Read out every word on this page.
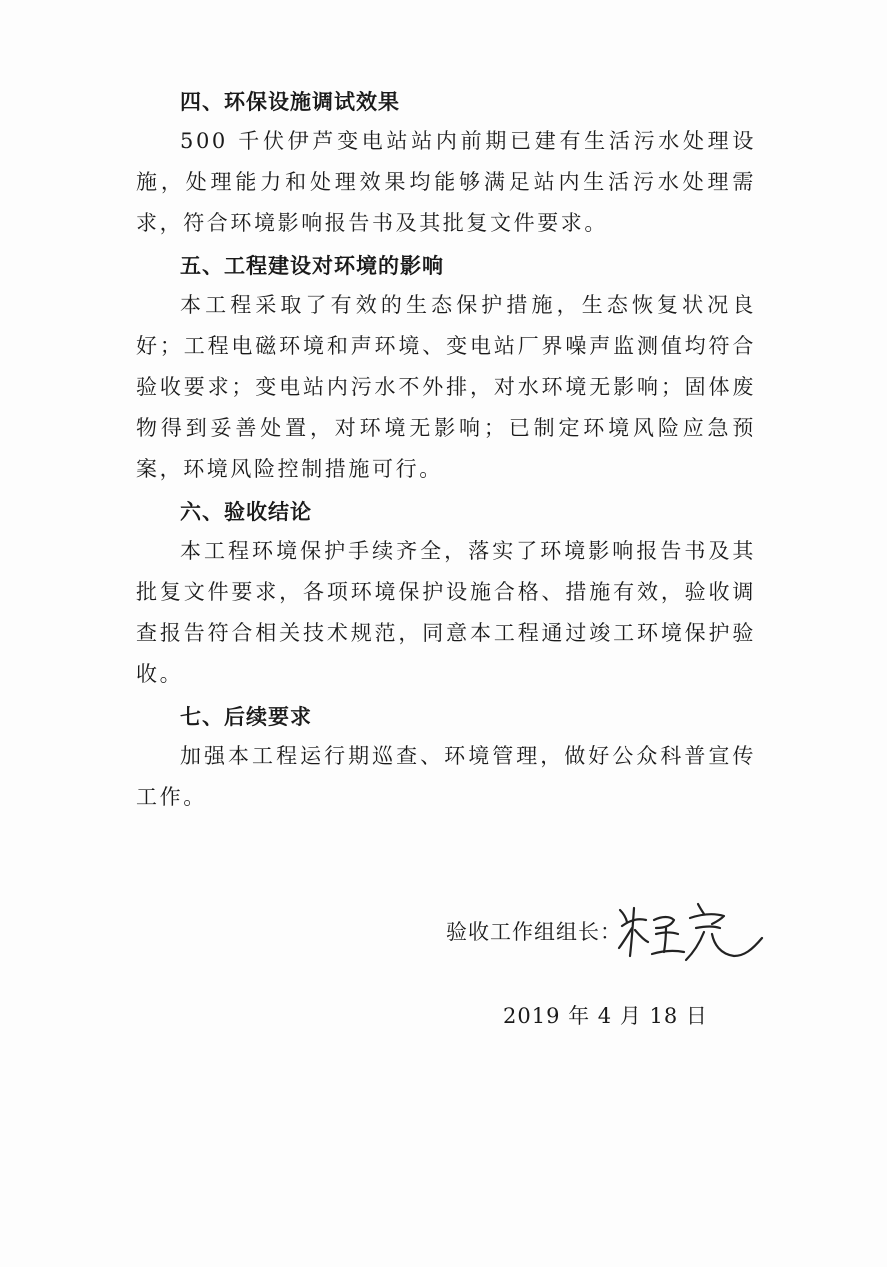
四、环保设施调试效果

500 千伏伊芦变电站站内前期已建有生活污水处理设施，处理能力和处理效果均能够满足站内生活污水处理需求，符合环境影响报告书及其批复文件要求。

五、工程建设对环境的影响

本工程采取了有效的生态保护措施，生态恢复状况良好；工程电磁环境和声环境、变电站厂界噪声监测值均符合验收要求；变电站内污水不外排，对水环境无影响；固体废物得到妥善处置，对环境无影响；已制定环境风险应急预案，环境风险控制措施可行。

六、验收结论

本工程环境保护手续齐全，落实了环境影响报告书及其批复文件要求，各项环境保护设施合格、措施有效，验收调查报告符合相关技术规范，同意本工程通过竣工环境保护验收。

七、后续要求

加强本工程运行期巡查、环境管理，做好公众科普宣传工作。

验收工作组组长：
2019 年 4 月 18 日
